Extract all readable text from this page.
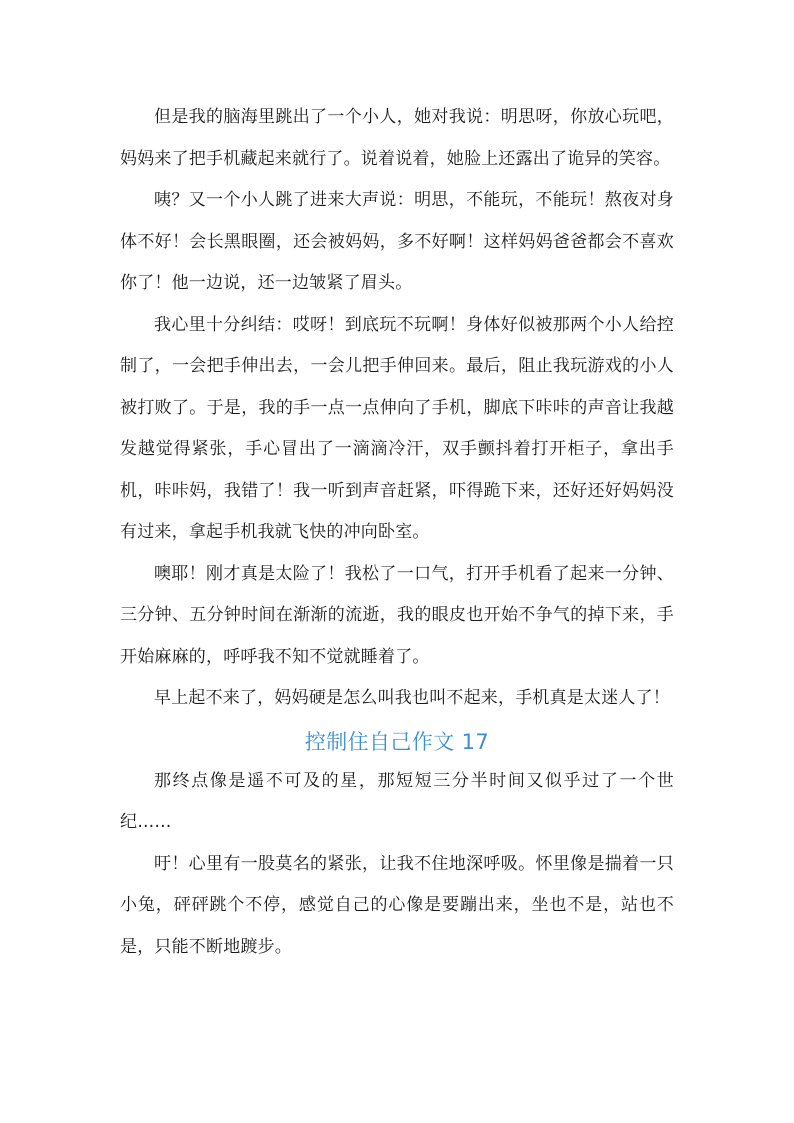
但是我的脑海里跳出了一个小人，她对我说：明思呀，你放心玩吧，妈妈来了把手机藏起来就行了。说着说着，她脸上还露出了诡异的笑容。

咦？又一个小人跳了进来大声说：明思，不能玩，不能玩！熬夜对身体不好！会长黑眼圈，还会被妈妈，多不好啊！这样妈妈爸爸都会不喜欢你了！他一边说，还一边皱紧了眉头。

我心里十分纠结：哎呀！到底玩不玩啊！身体好似被那两个小人给控制了，一会把手伸出去，一会儿把手伸回来。最后，阻止我玩游戏的小人被打败了。于是，我的手一点一点伸向了手机，脚底下咔咔的声音让我越发越觉得紧张，手心冒出了一滴滴冷汗，双手颤抖着打开柜子，拿出手机，咔咔妈，我错了！我一听到声音赶紧，吓得跪下来，还好还好妈妈没有过来，拿起手机我就飞快的冲向卧室。

噢耶！刚才真是太险了！我松了一口气，打开手机看了起来一分钟、三分钟、五分钟时间在渐渐的流逝，我的眼皮也开始不争气的掉下来，手开始麻麻的，呼呼我不知不觉就睡着了。

早上起不来了，妈妈硬是怎么叫我也叫不起来，手机真是太迷人了！

控制住自己作文 17

那终点像是遥不可及的星，那短短三分半时间又似乎过了一个世纪……

吁！心里有一股莫名的紧张，让我不住地深呼吸。怀里像是揣着一只小兔，砰砰跳个不停，感觉自己的心像是要蹦出来，坐也不是，站也不是，只能不断地踱步。
